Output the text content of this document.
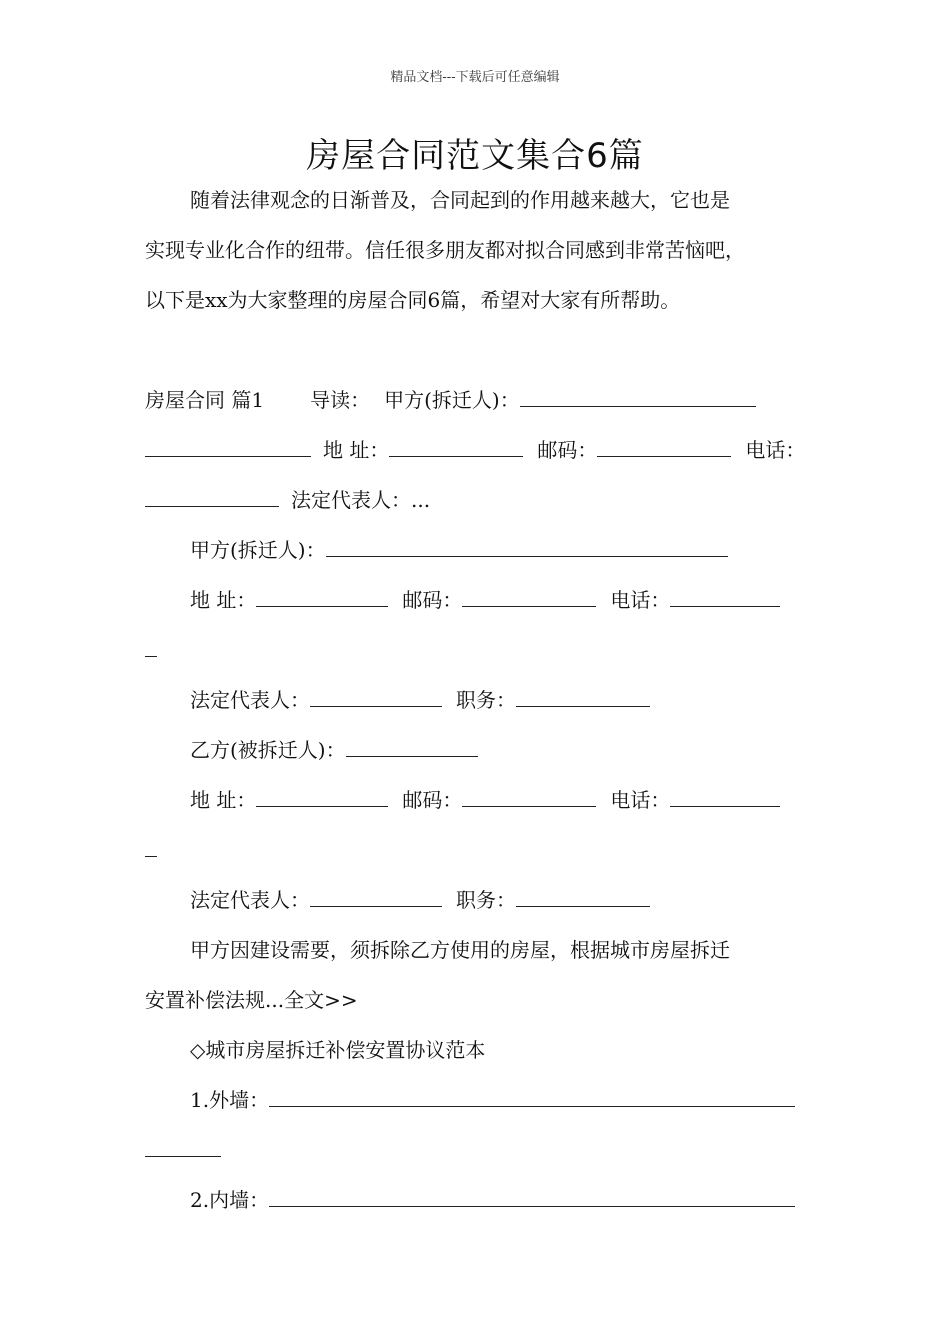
精品文档---下载后可任意编辑
房屋合同范文集合6篇
随着法律观念的日渐普及，合同起到的作用越来越大，它也是
实现专业化合作的纽带。信任很多朋友都对拟合同感到非常苦恼吧，
以下是xx为大家整理的房屋合同6篇，希望对大家有所帮助。
房屋合同 篇1 导读： 甲方(拆迁人)：
地 址：	邮码：	电话：
法定代表人：...
甲方(拆迁人)：
地 址：	邮码：	电话：
法定代表人：	职务：
乙方(被拆迁人)：
地 址：	邮码：	电话：
法定代表人：	职务：
甲方因建设需要，须拆除乙方使用的房屋，根据城市房屋拆迁
安置补偿法规...全文>>
◇城市房屋拆迁补偿安置协议范本
1.外墙：
2.内墙：
